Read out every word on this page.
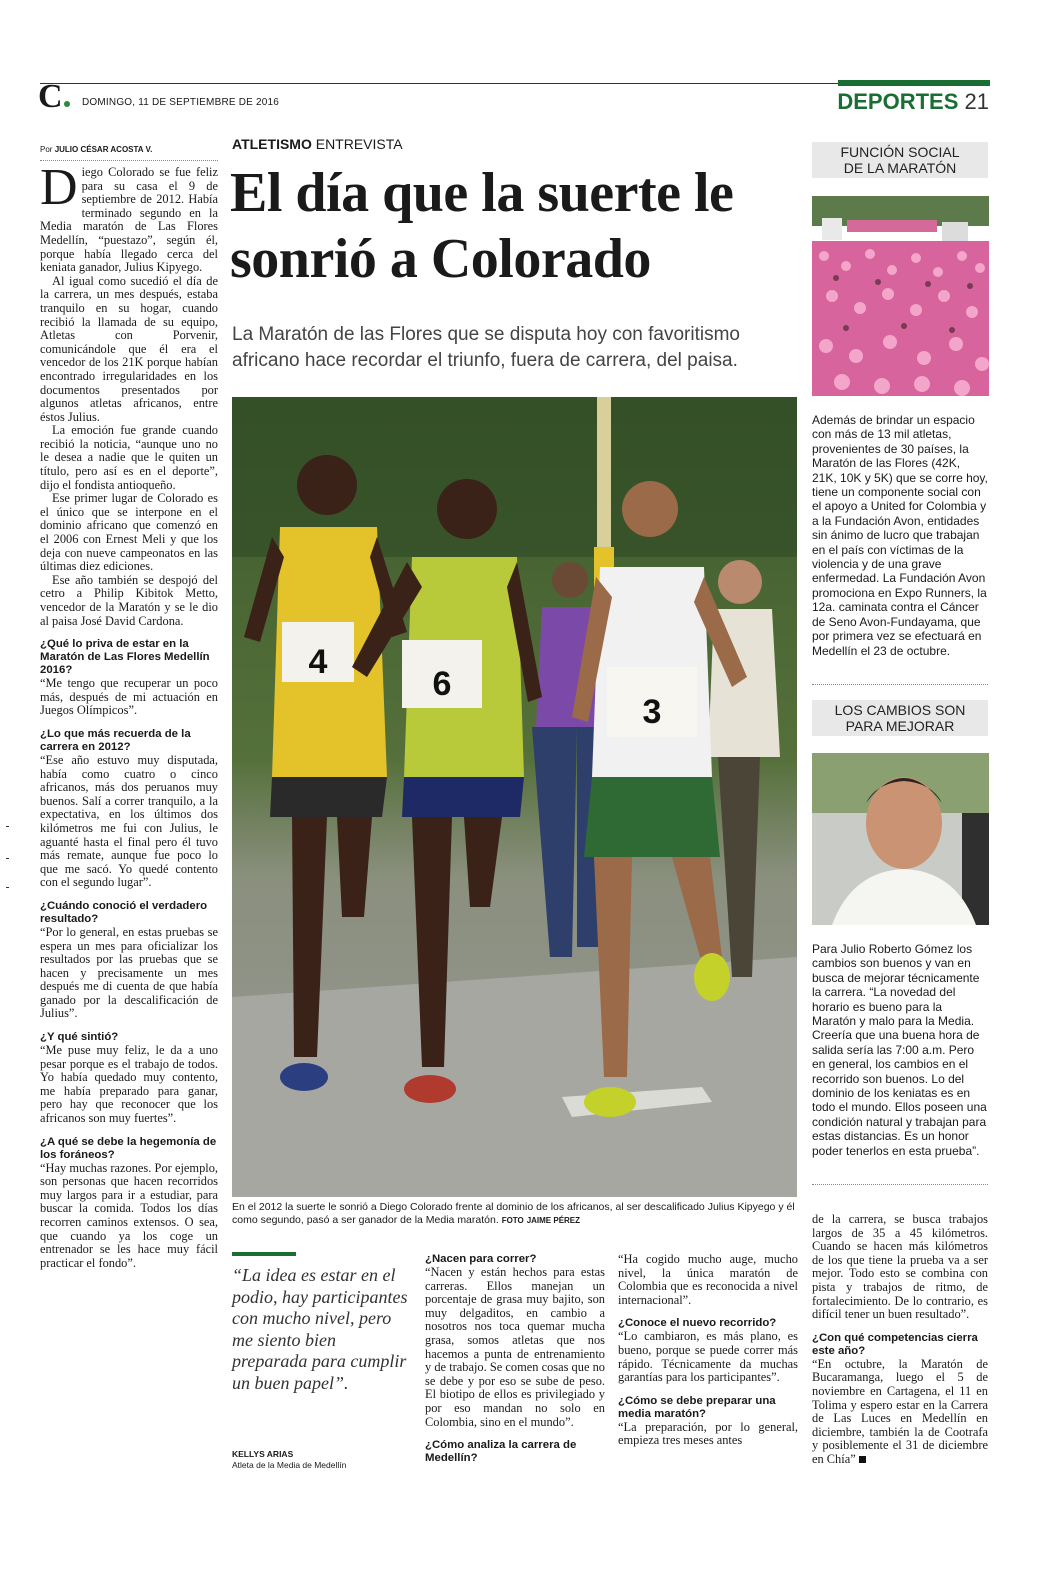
C	DOMINGO, 11 DE SEPTIEMBRE DE 2016	DEPORTES 21
Por JULIO CÉSAR ACOSTA V.

Diego Colorado se fue feliz para su casa el 9 de septiembre de 2012. Había terminado segundo en la Media maratón de Las Flores Medellín, “puestazo”, según él, porque había llegado cerca del keniata ganador, Julius Kipyego.

Al igual como sucedió el día de la carrera, un mes después, estaba tranquilo en su hogar, cuando recibió la llamada de su equipo, Atletas con Porvenir, comunicándole que él era el vencedor de los 21K porque habían encontrado irregularidades en los documentos presentados por algunos atletas africanos, entre éstos Julius.

La emoción fue grande cuando recibió la noticia, “aunque uno no le desea a nadie que le quiten un título, pero así es en el deporte”, dijo el fondista antioqueño.

Ese primer lugar de Colorado es el único que se interpone en el dominio africano que comenzó en el 2006 con Ernest Meli y que los deja con nueve campeonatos en las últimas diez ediciones.

Ese año también se despojó del cetro a Philip Kibitok Metto, vencedor de la Maratón y se le dio al paisa José David Cardona.

¿Qué lo priva de estar en la Maratón de Las Flores Medellín 2016?

“Me tengo que recuperar un poco más, después de mi actuación en Juegos Olímpicos”.

¿Lo que más recuerda de la carrera en 2012?

“Ese año estuvo muy disputada, había como cuatro o cinco africanos, más dos peruanos muy buenos. Salí a correr tranquilo, a la expectativa, en los últimos dos kilómetros me fui con Julius, le aguanté hasta el final pero él tuvo más remate, aunque fue poco lo que me sacó. Yo quedé contento con el segundo lugar”.

¿Cuándo conoció el verdadero resultado?

“Por lo general, en estas pruebas se espera un mes para oficializar los resultados por las pruebas que se hacen y precisamente un mes después me di cuenta de que había ganado por la descalificación de Julius”.

¿Y qué sintió?

“Me puse muy feliz, le da a uno pesar porque es el trabajo de todos. Yo había quedado muy contento, me había preparado para ganar, pero hay que reconocer que los africanos son muy fuertes”.

¿A qué se debe la hegemonía de los foráneos?

“Hay muchas razones. Por ejemplo, son personas que hacen recorridos muy largos para ir a estudiar, para buscar la comida. Todos los días recorren caminos extensos. O sea, que cuando ya los coge un entrenador se les hace muy fácil practicar el fondo”.

ATLETISMO ENTREVISTA
El día que la suerte le sonrió a Colorado
La Maratón de las Flores que se disputa hoy con favoritismo africano hace recordar el triunfo, fuera de carrera, del paisa.
4
6
3
En el 2012 la suerte le sonrió a Diego Colorado frente al dominio de los africanos, al ser descalificado Julius Kipyego y él como segundo, pasó a ser ganador de la Media maratón. FOTO JAIME PÉREZ
“La idea es estar en el podio, hay participantes con mucho nivel, pero me siento bien preparada para cumplir un buen papel”.
KELLYS ARIAS
Atleta de la Media de Medellín

¿Nacen para correr?

“Nacen y están hechos para estas carreras. Ellos manejan un porcentaje de grasa muy bajito, son muy delgaditos, en cambio a nosotros nos toca quemar mucha grasa, somos atletas que nos hacemos a punta de entrenamiento y de trabajo. Se comen cosas que no se debe y por eso se sube de peso. El biotipo de ellos es privilegiado y por eso mandan no solo en Colombia, sino en el mundo”.

¿Cómo analiza la carrera de Medellín?

“Ha cogido mucho auge, mucho nivel, la única maratón de Colombia que es reconocida a nivel internacional”.

¿Conoce el nuevo recorrido?

“Lo cambiaron, es más plano, es bueno, porque se puede correr más rápido. Técnicamente da muchas garantías para los participantes”.

¿Cómo se debe preparar una media maratón?

“La preparación, por lo general, empieza tres meses antes

FUNCIÓN SOCIAL
DE LA MARATÓN
Además de brindar un espacio con más de 13 mil atletas, provenientes de 30 países, la Maratón de las Flores (42K, 21K, 10K y 5K) que se corre hoy, tiene un componente social con el apoyo a United for Colombia y a la Fundación Avon, entidades sin ánimo de lucro que trabajan en el país con víctimas de la violencia y de una grave enfermedad. La Fundación Avon promociona en Expo Runners, la 12a. caminata contra el Cáncer de Seno Avon-Fundayama, que por primera vez se efectuará en Medellín el 23 de octubre.
LOS CAMBIOS SON
PARA MEJORAR
Para Julio Roberto Gómez los cambios son buenos y van en busca de mejorar técnicamente la carrera. “La novedad del horario es bueno para la Maratón y malo para la Media. Creería que una buena hora de salida sería las 7:00 a.m. Pero en general, los cambios en el recorrido son buenos. Lo del dominio de los keniatas es en todo el mundo. Ellos poseen una condición natural y trabajan para estas distancias. Es un honor poder tenerlos en esta prueba”.

de la carrera, se busca trabajos largos de 35 a 45 kilómetros. Cuando se hacen más kilómetros de los que tiene la prueba va a ser mejor. Todo esto se combina con pista y trabajos de ritmo, de fortalecimiento. De lo contrario, es difícil tener un buen resultado”.

¿Con qué competencias cierra este año?

“En octubre, la Maratón de Bucaramanga, luego el 5 de noviembre en Cartagena, el 11 en Tolima y espero estar en la Carrera de Las Luces en Medellín en diciembre, también la de Cootrafa y posiblemente el 31 de diciembre en Chía”
